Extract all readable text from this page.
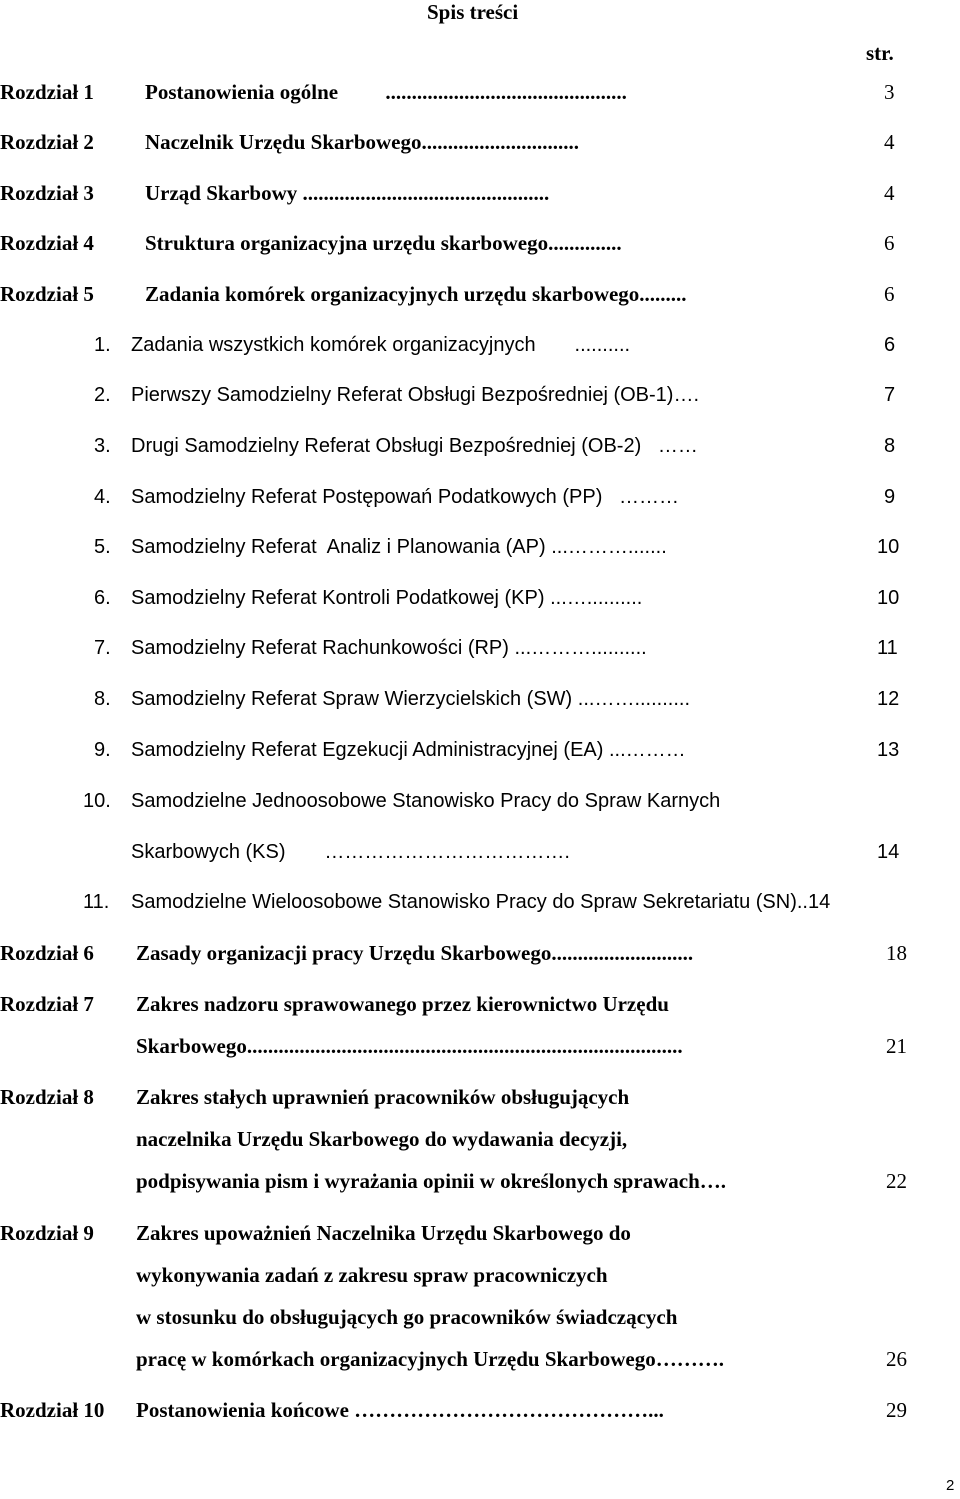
Spis treści
str.
Rozdział 1 Postanowienia ogólne         ..............................................	3
Rozdział 2 Naczelnik Urzędu Skarbowego..............................	4
Rozdział 3 Urząd Skarbowy ...............................................	4
Rozdział 4 Struktura organizacyjna urzędu skarbowego..............	6
Rozdział 5 Zadania komórek organizacyjnych urzędu skarbowego.........	6
1. Zadania wszystkich komórek organizacyjnych       ..........	6
2. Pierwszy Samodzielny Referat Obsługi Bezpośredniej (OB-1)….	7
3. Drugi Samodzielny Referat Obsługi Bezpośredniej (OB-2)   ……	8
4. Samodzielny Referat Postępowań Podatkowych (PP)   ………	9
5. Samodzielny Referat  Analiz i Planowania (AP) ...……….......	10
6. Samodzielny Referat Kontroli Podatkowej (KP) ...…..........	10
7. Samodzielny Referat Rachunkowości (RP) ...………..........	11
8. Samodzielny Referat Spraw Wierzycielskich (SW) ...……..........	12
9. Samodzielny Referat Egzekucji Administracyjnej (EA) ...………	13
10. Samodzielne Jednoosobowe Stanowisko Pracy do Spraw Karnych
Skarbowych (KS)       ……………………………….	14
11. Samodzielne Wieloosobowe Stanowisko Pracy do Spraw Sekretariatu (SN)..14
Rozdział 6 Zasady organizacji pracy Urzędu Skarbowego...........................	18
Rozdział 7 Zakres nadzoru sprawowanego przez kierownictwo Urzędu
Skarbowego...................................................................................	21
Rozdział 8 Zakres stałych uprawnień pracowników obsługujących
naczelnika Urzędu Skarbowego do wydawania decyzji,
podpisywania pism i wyrażania opinii w określonych sprawach….	22
Rozdział 9 Zakres upoważnień Naczelnika Urzędu Skarbowego do
wykonywania zadań z zakresu spraw pracowniczych
w stosunku do obsługujących go pracowników świadczących
pracę w komórkach organizacyjnych Urzędu Skarbowego……….	26
Rozdział 10 Postanowienia końcowe ……………………………………...	29
2
